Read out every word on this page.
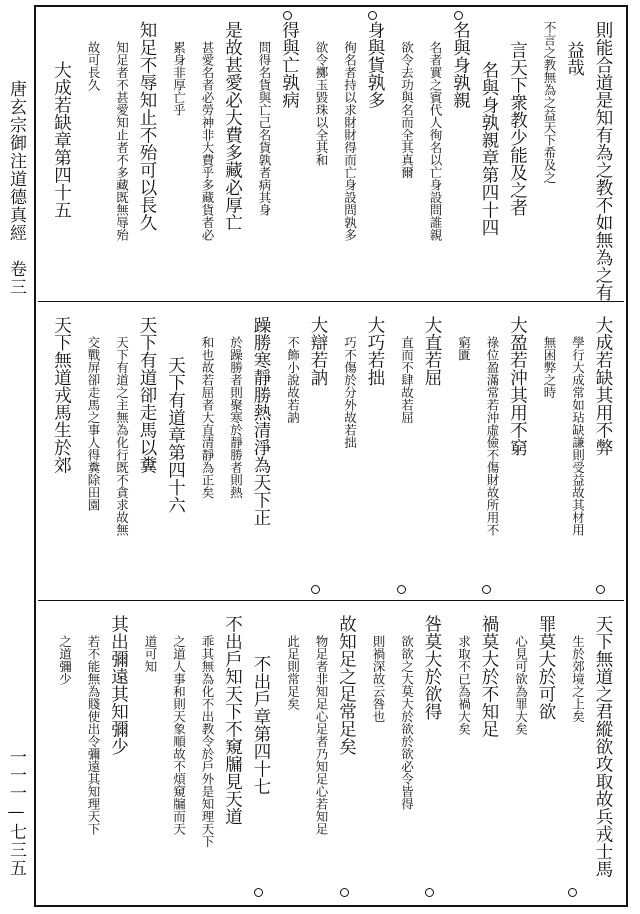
唐玄宗御注道德真經　卷三
一一一—七三五
則能合道是知有為之教不如無為之有
益哉
不言之教無為之益天下希及之
言天下衆教少能及之者
名與身孰親章第四十四
名與身孰親
名者實之賓代人徇名以亡身設問誰親
欲令去功與名而全其真爾
身與貨孰多
徇名者持以求財財得而亡身設問孰多
欲令擲玉毀珠以全其和
得與亡孰病
問得名貨與亡己名貨孰者病其身
是故甚愛必大費多藏必厚亡
甚愛名者必勞神非大費乎多藏貨者必
累身非厚亡乎
知足不辱知止不殆可以長久
知足者不甚愛知止者不多藏既無辱殆
故可長久
大成若缺章第四十五
大成若缺其用不弊
學行大成常如玷缺謙則受益故其材用
無困弊之時
大盈若沖其用不窮
祿位盈滿常若沖虛儉不傷財故所用不
窮匱
大直若屈
直而不肆故若屈
大巧若拙
巧不傷於分外故若拙
大辯若訥
不飾小說故若訥
躁勝寒靜勝熱清淨為天下正
於躁勝者則聚寒於靜勝者則熱
和也故若屈者大直清靜為正矣
天下有道章第四十六
天下有道卻走馬以糞
天下有道之主無為化行既不貪求故無
交戰屏卻走馬之事人得糞除田園
天下無道戎馬生於郊
天下無道之君縱欲攻取故兵戎士馬
生於郊境之上矣
罪莫大於可欲
心見可欲為罪大矣
禍莫大於不知足
求取不已為禍大矣
咎莫大於欲得
欲欲之大莫大於欲於欲必令皆得
則禍深故云咎也
故知足之足常足矣
物足者非知足心足者乃知足心若知足
此足則常足矣
不出戶章第四十七
不出戶知天下不窺牖見天道
乖其無為化不出教令於戶外是知理天下
之道人事和則天象順故不煩窺牖而天
道可知
其出彌遠其知彌少
若不能無為賤使出令彌遠其知理天下
之道彌少
